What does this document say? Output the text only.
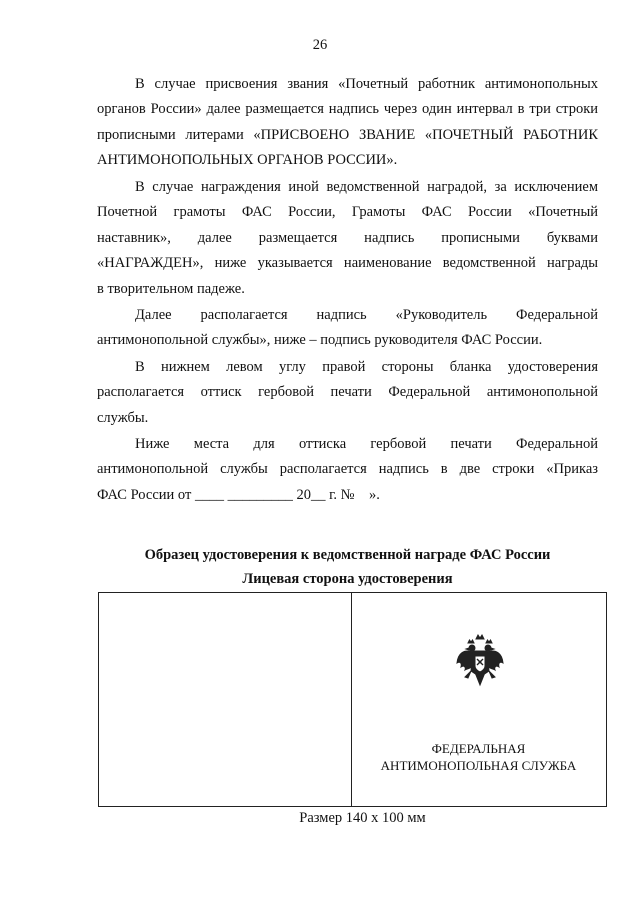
26
В случае присвоения звания «Почетный работник антимонопольных
органов России» далее размещается надпись через один интервал в три строки
прописными литерами «ПРИСВОЕНО ЗВАНИЕ «ПОЧЕТНЫЙ РАБОТНИК
АНТИМОНОПОЛЬНЫХ ОРГАНОВ РОССИИ».
В случае награждения иной ведомственной наградой, за исключением
Почетной грамоты ФАС России, Грамоты ФАС России «Почетный
наставник», далее размещается надпись прописными буквами
«НАГРАЖДЕН», ниже указывается наименование ведомственной награды
в творительном падеже.
Далее располагается надпись «Руководитель Федеральной
антимонопольной службы», ниже – подпись руководителя ФАС России.
В нижнем левом углу правой стороны бланка удостоверения
располагается оттиск гербовой печати Федеральной антимонопольной
службы.
Ниже места для оттиска гербовой печати Федеральной
антимонопольной службы располагается надпись в две строки «Приказ
ФАС России от ____ _________ 20__ г. №    ».
Образец удостоверения к ведомственной награде ФАС России
Лицевая сторона удостоверения
ФЕДЕРАЛЬНАЯ
АНТИМОНОПОЛЬНАЯ СЛУЖБА
Размер 140 х 100 мм
